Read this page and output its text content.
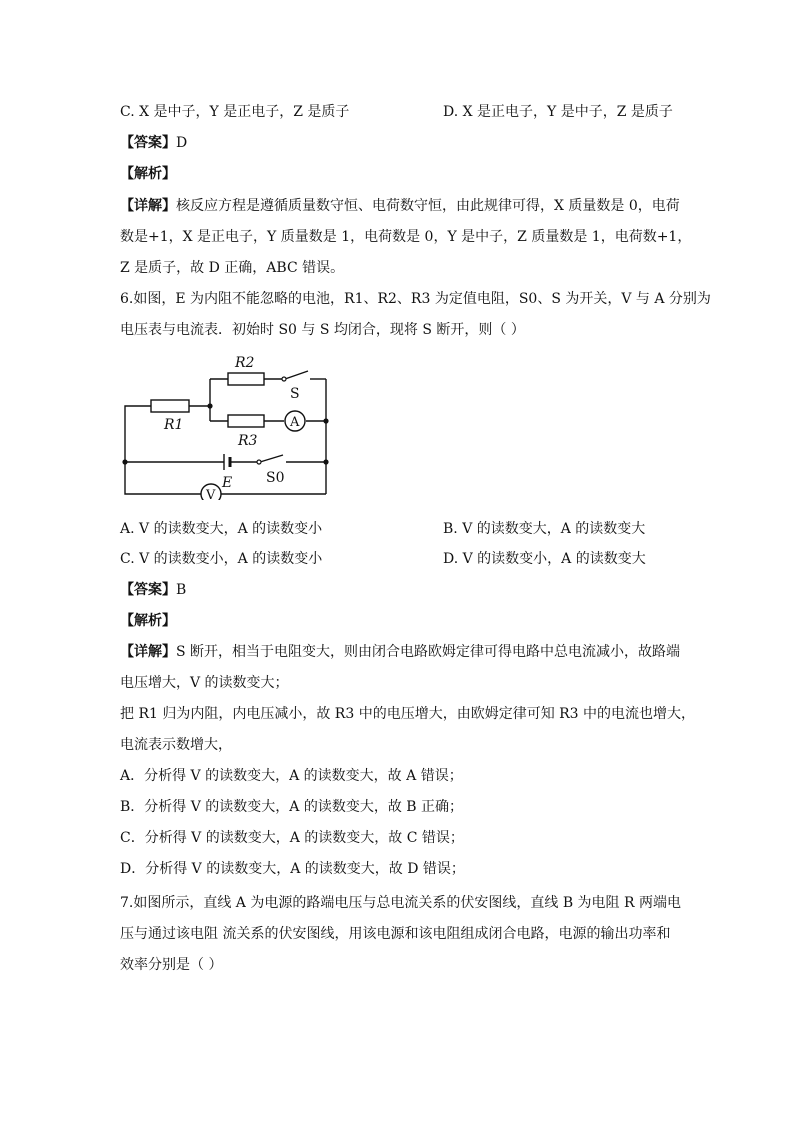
C. X 是中子，Y 是正电子，Z 是质子	D. X 是正电子，Y 是中子，Z 是质子
【答案】D
【解析】
【详解】核反应方程是遵循质量数守恒、电荷数守恒，由此规律可得，X 质量数是 0，电荷
数是+1，X 是正电子，Y 质量数是 1，电荷数是 0，Y 是中子，Z 质量数是 1，电荷数+1，
Z 是质子，故 D 正确，ABC 错误。
6.如图，E 为内阻不能忽略的电池，R1、R2、R3 为定值电阻，S0、S 为开关，V 与 A 分别为
电压表与电流表．初始时 S0 与 S 均闭合，现将 S 断开，则（ ）
R2
R1
R3
S
S0
E
A
V
A. V 的读数变大，A 的读数变小	B. V 的读数变大，A 的读数变大
C. V 的读数变小，A 的读数变小	D. V 的读数变小，A 的读数变大
【答案】B
【解析】
【详解】S 断开，相当于电阻变大，则由闭合电路欧姆定律可得电路中总电流减小，故路端
电压增大，V 的读数变大；
把 R1 归为内阻，内电压减小，故 R3 中的电压增大，由欧姆定律可知 R3 中的电流也增大，
电流表示数增大，
A．分析得 V 的读数变大，A 的读数变大，故 A 错误；
B．分析得 V 的读数变大，A 的读数变大，故 B 正确；
C．分析得 V 的读数变大，A 的读数变大，故 C 错误；
D．分析得 V 的读数变大，A 的读数变大，故 D 错误；
7.如图所示，直线 A 为电源的路端电压与总电流关系的伏安图线，直线 B 为电阻 R 两端电
压与通过该电阻 流关系的伏安图线，用该电源和该电阻组成闭合电路，电源的输出功率和
效率分别是（ ）
